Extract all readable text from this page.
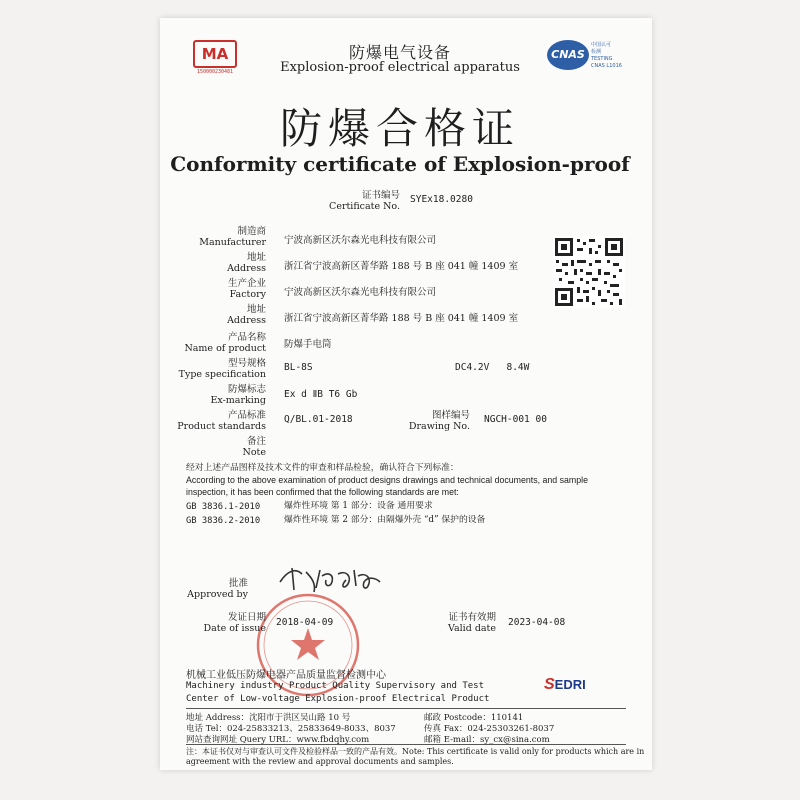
MA
150000230481
CNAS
中国认可
检测
TESTING
CNAS L1016
防爆电气设备
Explosion-proof electrical apparatus
防爆合格证
Conformity certificate of Explosion-proof
证书编号
Certificate No.
SYEx18.0280
制造商
Manufacturer 宁波高新区沃尔森光电科技有限公司
地址
Address 浙江省宁波高新区菁华路 188 号 B 座 041 幢 1409 室
生产企业
Factory 宁波高新区沃尔森光电科技有限公司
地址
Address 浙江省宁波高新区菁华路 188 号 B 座 041 幢 1409 室
产品名称
Name of product 防爆手电筒
型号规格
Type specification
BL-8S	DC4.2V   8.4W
防爆标志
Ex-marking
Ex d ⅡB T6 Gb
产品标准
Product standards
Q/BL.01-2018	图样编号
Drawing No.
NGCH-001 00
备注
Note
经对上述产品图样及技术文件的审查和样品检验，确认符合下列标准：
According to the above examination of product designs drawings and technical documents, and sample
inspection, it has been confirmed that the following standards are met:
GB 3836.1-2010	爆炸性环境 第 1 部分：设备 通用要求
GB 3836.2-2010	爆炸性环境 第 2 部分：由隔爆外壳 “d” 保护的设备
批准
Approved by
发证日期
Date of issue
2018-04-09	证书有效期
Valid date
2023-04-08
机械工业低压防爆电器产品质量监督检测中心
Machinery industry Product Quality Supervisory and Test
Center of Low-voltage Explosion-proof Electrical Product
SEDRI
地址 Address：沈阳市于洪区吴山路 10 号	邮政 Postcode：110141
电话 Tel：024-25833213、25833649-8033、8037	传真 Fax：024-25303261-8037
网站查询网址 Query URL：www.fbdqhy.com	邮箱 E-mail：sy_cx@sina.com
注：本证书仅对与审查认可文件及检验样品一致的产品有效。Note: This certificate is valid only for products which are in
agreement with the review and approval documents and samples.
